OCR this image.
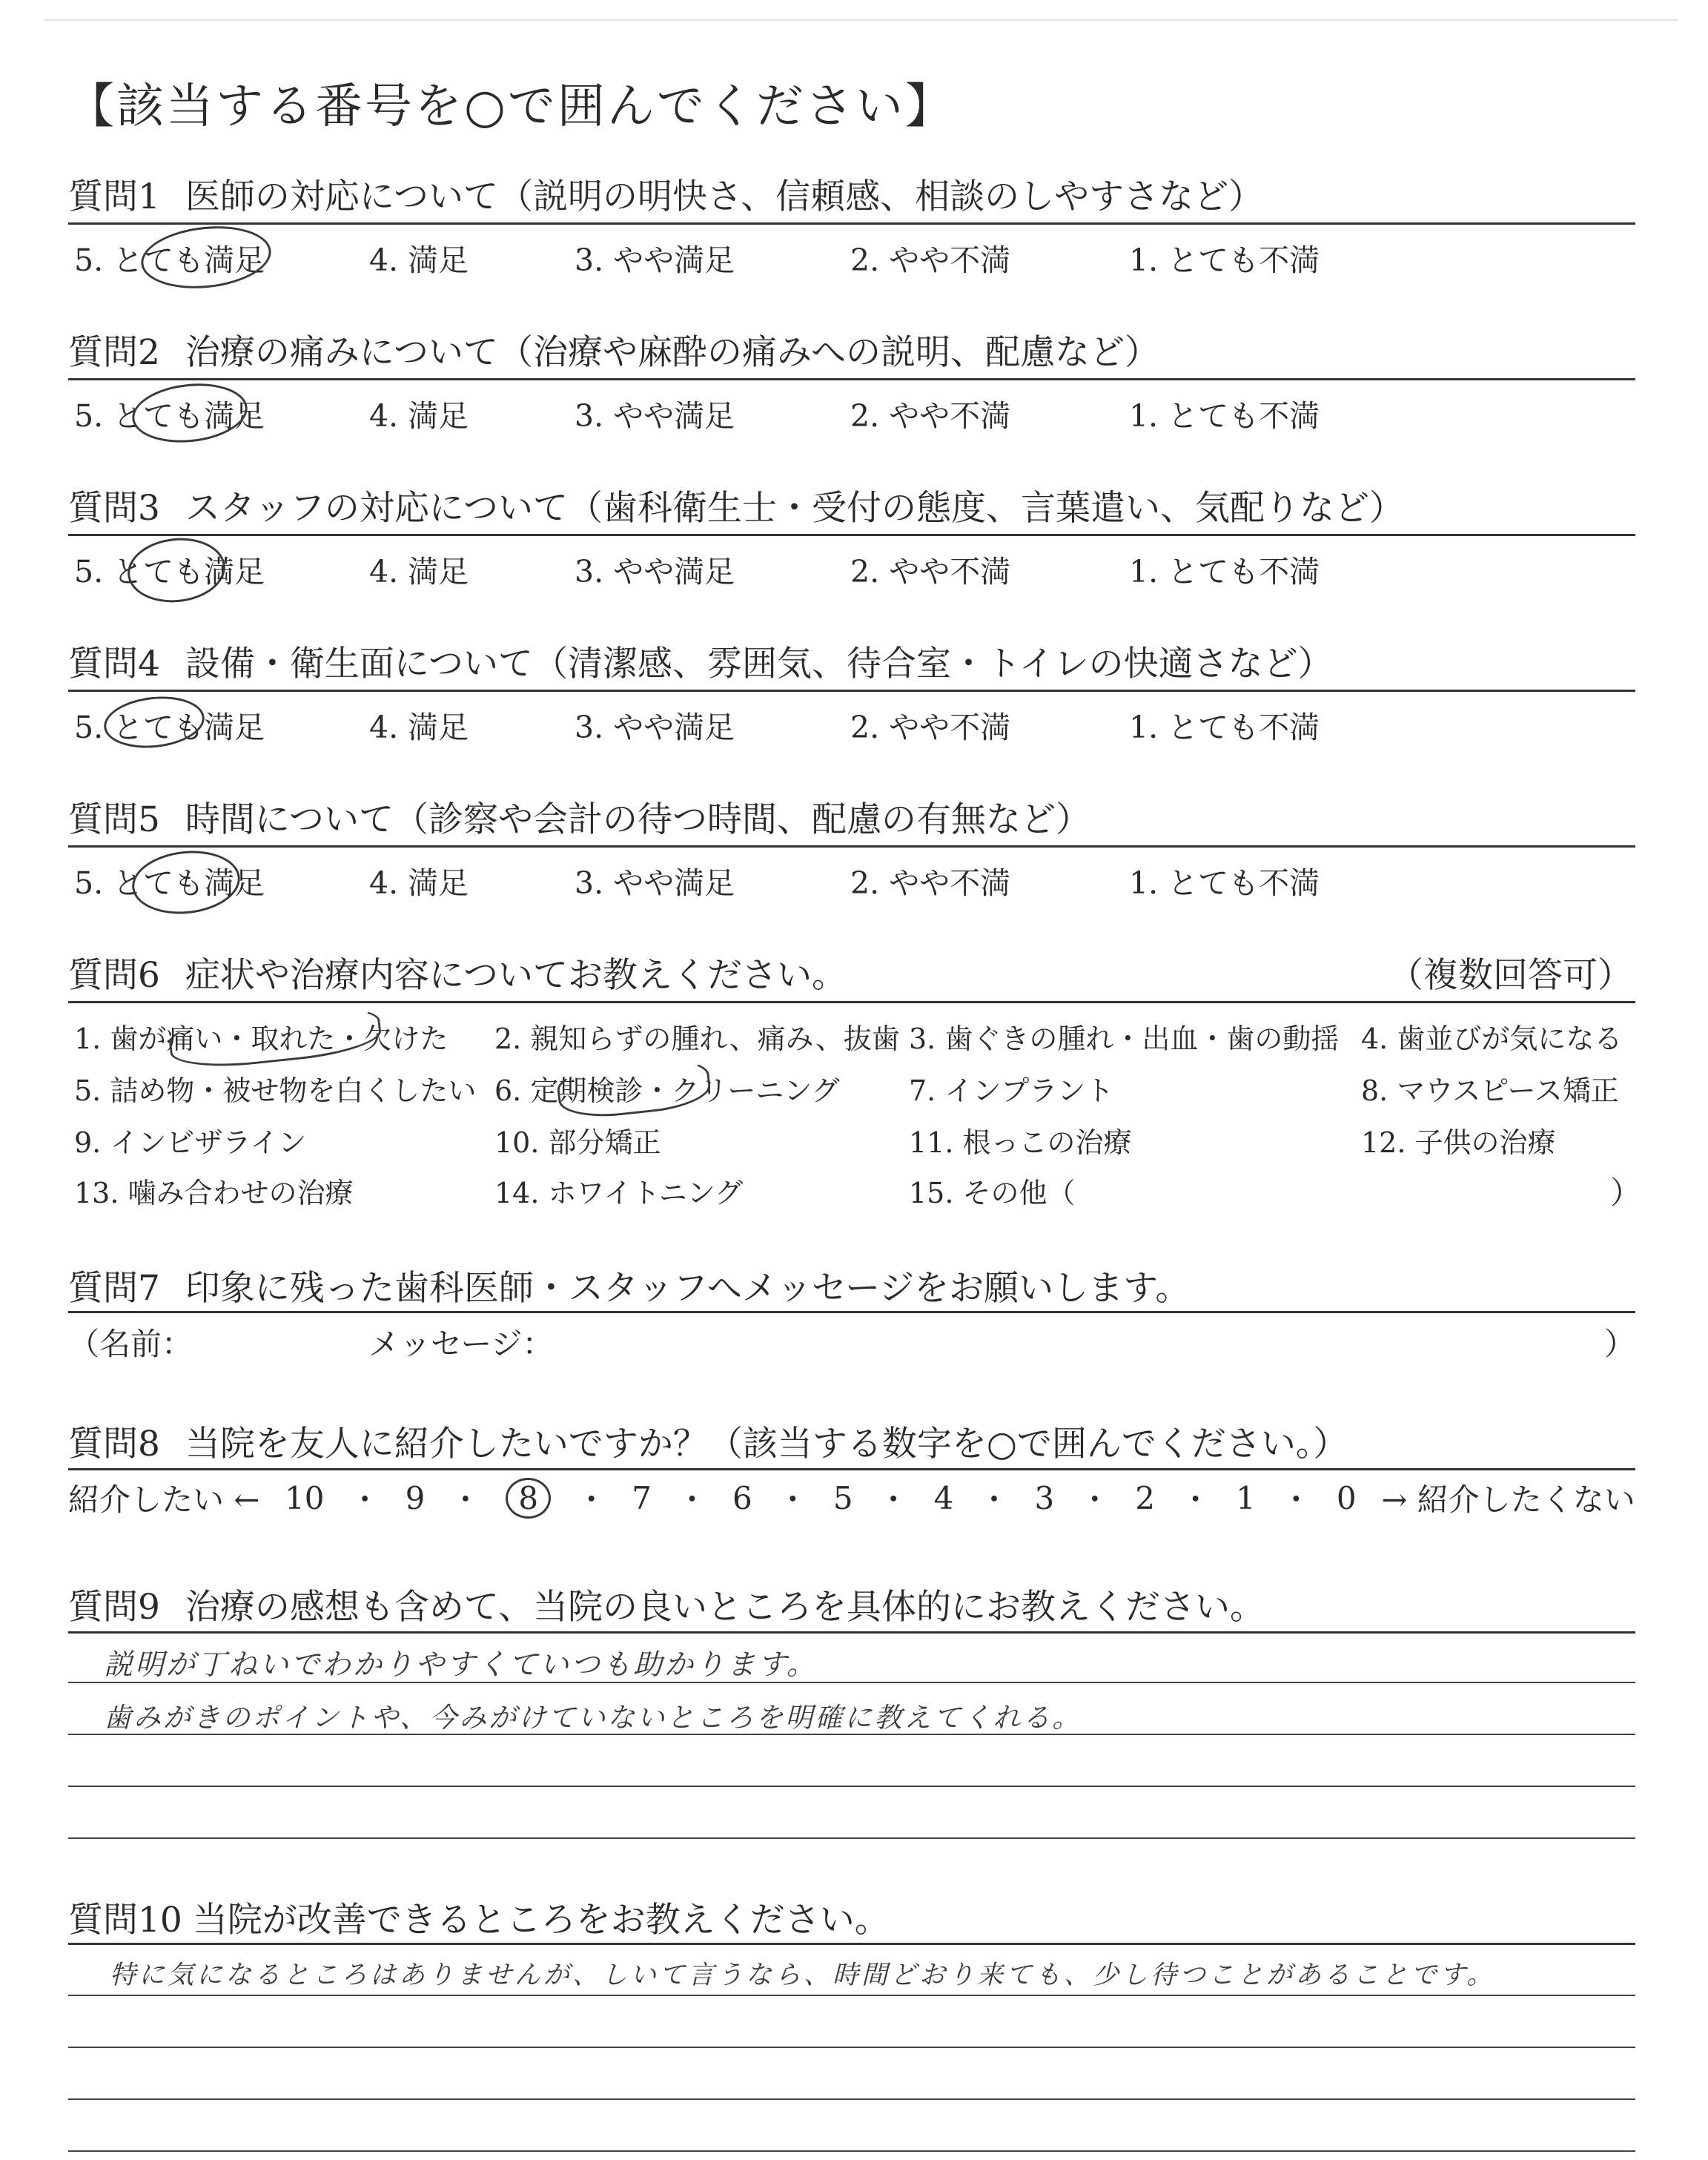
【該当する番号を○で囲んでください】
質問1 医師の対応について（説明の明快さ、信頼感、相談のしやすさなど）
5. とても満足	4. 満足	3. やや満足	2. やや不満	1. とても不満
質問2 治療の痛みについて（治療や麻酔の痛みへの説明、配慮など）
5. とても満足	4. 満足	3. やや満足	2. やや不満	1. とても不満
質問3 スタッフの対応について（歯科衛生士・受付の態度、言葉遣い、気配りなど）
5. とても満足	4. 満足	3. やや満足	2. やや不満	1. とても不満
質問4 設備・衛生面について（清潔感、雰囲気、待合室・トイレの快適さなど）
5. とても満足	4. 満足	3. やや満足	2. やや不満	1. とても不満
質問5 時間について（診察や会計の待つ時間、配慮の有無など）
5. とても満足	4. 満足	3. やや満足	2. やや不満	1. とても不満
質問6 症状や治療内容についてお教えください。	（複数回答可）
1. 歯が痛い・取れた・欠けた 2. 親知らずの腫れ、痛み、抜歯 3. 歯ぐきの腫れ・出血・歯の動揺 4. 歯並びが気になる
5. 詰め物・被せ物を白くしたい 6. 定期検診・クリーニング 7. インプラント	8. マウスピース矯正
9. インビザライン	10. 部分矯正	11. 根っこの治療	12. 子供の治療
13. 噛み合わせの治療	14. ホワイトニング	15. その他（	）
質問7 印象に残った歯科医師・スタッフへメッセージをお願いします。
（名前：	メッセージ：	）
質問8 当院を友人に紹介したいですか？（該当する数字を○で囲んでください。）
紹介したい ← 10 ・ 9 ・	8	・ 7 ・ 6 ・ 5 ・ 4 ・ 3 ・ 2 ・ 1 ・ 0 → 紹介したくない
質問9 治療の感想も含めて、当院の良いところを具体的にお教えください。
説明が丁ねいでわかりやすくていつも助かります。
歯みがきのポイントや、今みがけていないところを明確に教えてくれる。
質問10 当院が改善できるところをお教えください。
特に気になるところはありませんが、しいて言うなら、時間どおり来ても、少し待つことがあることです。
